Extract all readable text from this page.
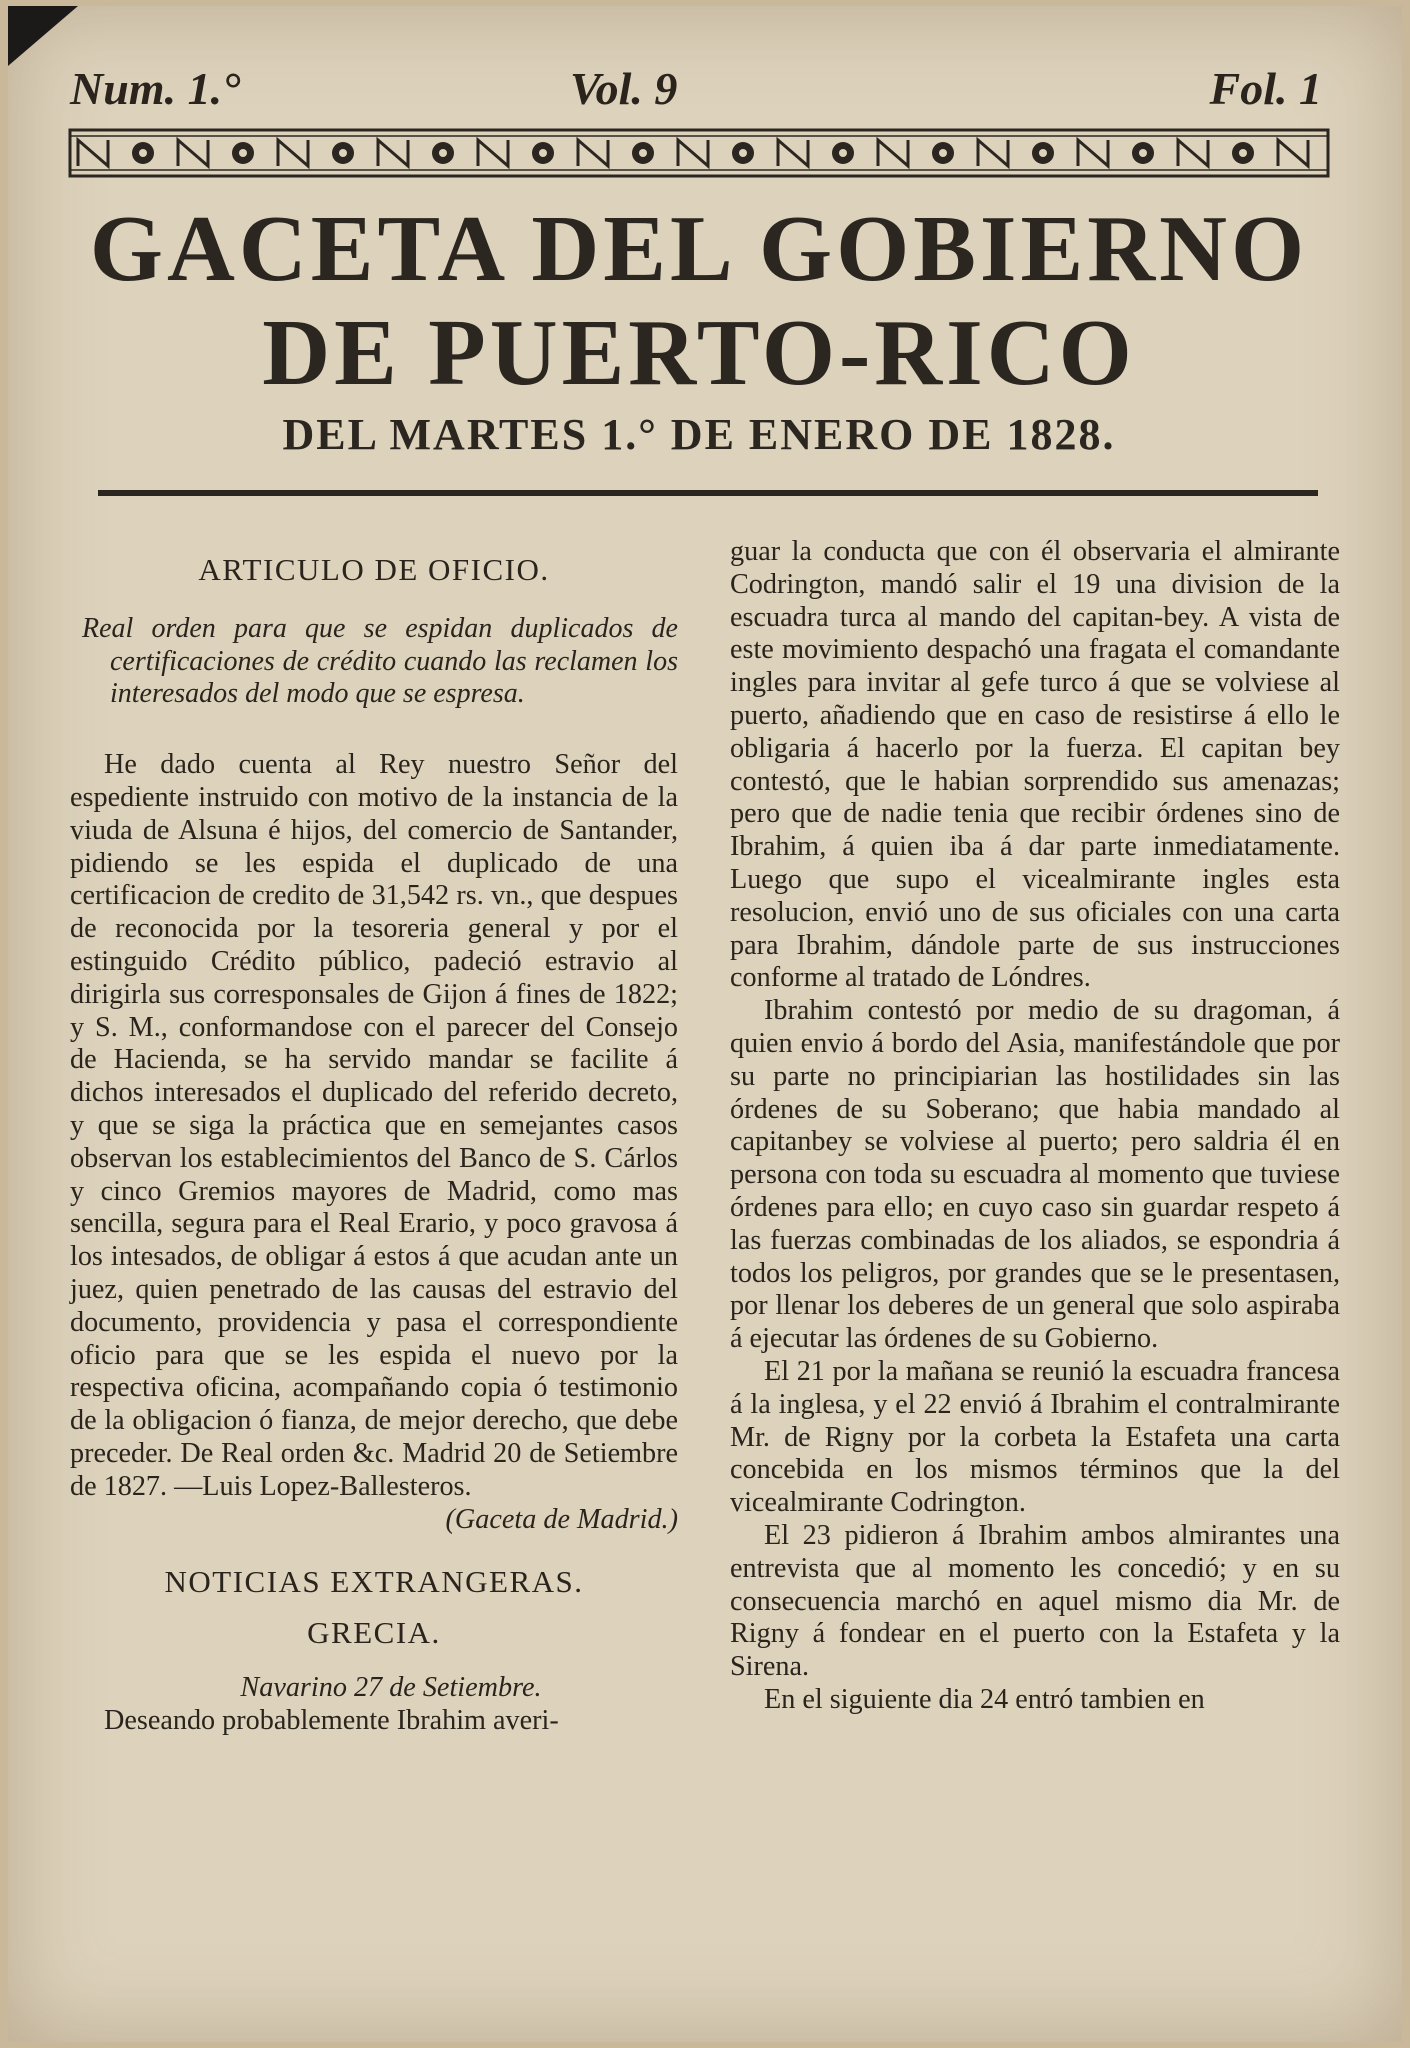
Num. 1.°	Vol. 9	Fol. 1
GACETA DEL GOBIERNO
DE PUERTO-RICO
DEL MARTES 1.° DE ENERO DE 1828.
ARTICULO DE OFICIO.
Real orden para que se espidan duplicados de certificaciones de crédito cuando las reclamen los interesados del modo que se espresa.

He dado cuenta al Rey nuestro Señor del espediente instruido con motivo de la instancia de la viuda de Alsuna é hijos, del comercio de Santander, pidiendo se les espida el duplicado de una certificacion de credito de 31,542 rs. vn., que despues de reconocida por la tesoreria general y por el estinguido Crédito público, padeció estravio al dirigirla sus corresponsales de Gijon á fines de 1822; y S. M., conformandose con el parecer del Consejo de Hacienda, se ha servido mandar se facilite á dichos interesados el duplicado del referido decreto, y que se siga la práctica que en semejantes casos observan los establecimientos del Banco de S. Cárlos y cinco Gremios mayores de Madrid, como mas sencilla, segura para el Real Erario, y poco gravosa á los intesados, de obligar á estos á que acudan ante un juez, quien penetrado de las causas del estravio del documento, providencia y pasa el correspondiente oficio para que se les espida el nuevo por la respectiva oficina, acompañando copia ó testimonio de la obligacion ó fianza, de mejor derecho, que debe preceder. De Real orden &c. Madrid 20 de Setiembre de 1827. —Luis Lopez-Ballesteros.

(Gaceta de Madrid.)

NOTICIAS EXTRANGERAS.
GRECIA.

Navarino 27 de Setiembre.

Deseando probablemente Ibrahim averi-

guar la conducta que con él observaria el almirante Codrington, mandó salir el 19 una division de la escuadra turca al mando del capitan-bey. A vista de este movimiento despachó una fragata el comandante ingles para invitar al gefe turco á que se volviese al puerto, añadiendo que en caso de resistirse á ello le obligaria á hacerlo por la fuerza. El capitan bey contestó, que le habian sorprendido sus amenazas; pero que de nadie tenia que recibir órdenes sino de Ibrahim, á quien iba á dar parte inmediatamente. Luego que supo el vicealmirante ingles esta resolucion, envió uno de sus oficiales con una carta para Ibrahim, dándole parte de sus instrucciones conforme al tratado de Lóndres.

Ibrahim contestó por medio de su dragoman, á quien envio á bordo del Asia, manifestándole que por su parte no principiarian las hostilidades sin las órdenes de su Soberano; que habia mandado al capitanbey se volviese al puerto; pero saldria él en persona con toda su escuadra al momento que tuviese órdenes para ello; en cuyo caso sin guardar respeto á las fuerzas combinadas de los aliados, se espondria á todos los peligros, por grandes que se le presentasen, por llenar los deberes de un general que solo aspiraba á ejecutar las órdenes de su Gobierno.

El 21 por la mañana se reunió la escuadra francesa á la inglesa, y el 22 envió á Ibrahim el contralmirante Mr. de Rigny por la corbeta la Estafeta una carta concebida en los mismos términos que la del vicealmirante Codrington.

El 23 pidieron á Ibrahim ambos almirantes una entrevista que al momento les concedió; y en su consecuencia marchó en aquel mismo dia Mr. de Rigny á fondear en el puerto con la Estafeta y la Sirena.

En el siguiente dia 24 entró tambien en
